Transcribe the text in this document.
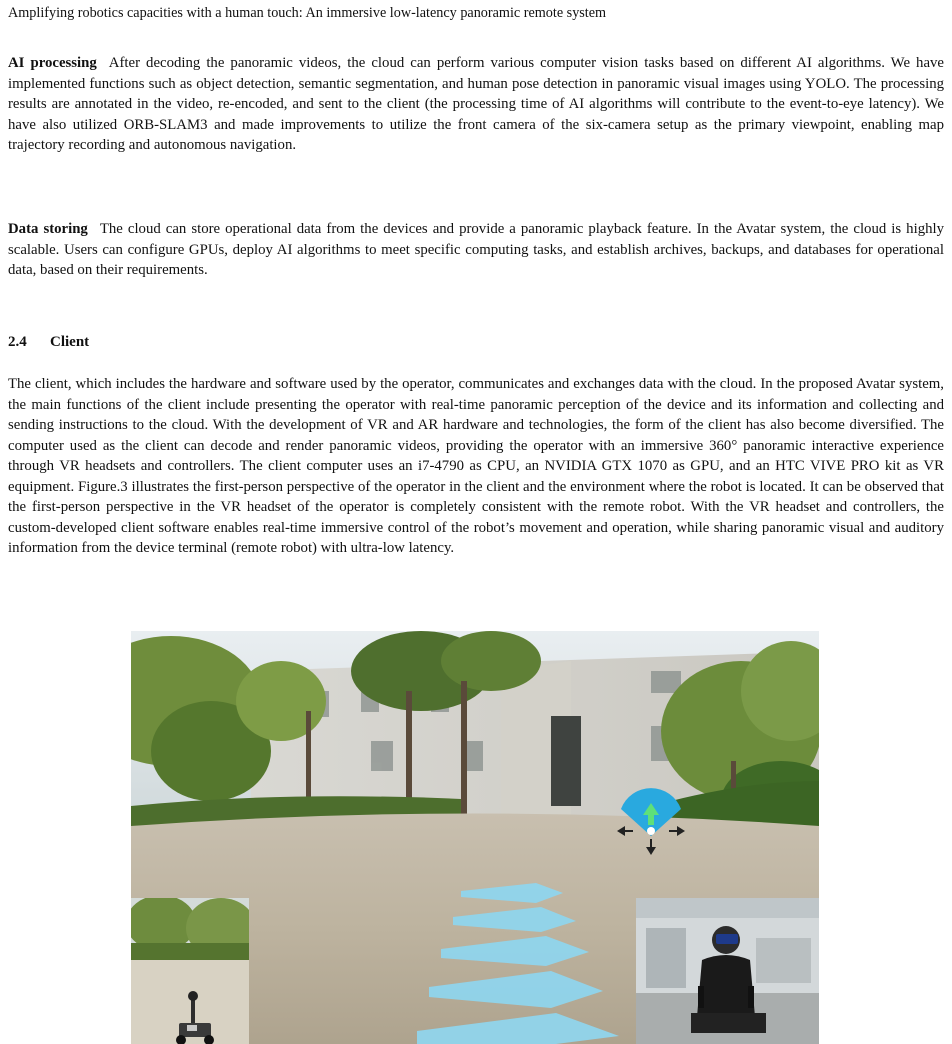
Amplifying robotics capacities with a human touch: An immersive low-latency panoramic remote system

AI processing After decoding the panoramic videos, the cloud can perform various computer vision tasks based on different AI algorithms. We have implemented functions such as object detection, semantic segmentation, and human pose detection in panoramic visual images using YOLO. The processing results are annotated in the video, re-encoded, and sent to the client (the processing time of AI algorithms will contribute to the event-to-eye latency). We have also utilized ORB-SLAM3 and made improvements to utilize the front camera of the six-camera setup as the primary viewpoint, enabling map trajectory recording and autonomous navigation.

Data storing The cloud can store operational data from the devices and provide a panoramic playback feature. In the Avatar system, the cloud is highly scalable. Users can configure GPUs, deploy AI algorithms to meet specific computing tasks, and establish archives, backups, and databases for operational data, based on their requirements.

2.4 Client

The client, which includes the hardware and software used by the operator, communicates and exchanges data with the cloud. In the proposed Avatar system, the main functions of the client include presenting the operator with real-time panoramic perception of the device and its information and collecting and sending instructions to the cloud. With the development of VR and AR hardware and technologies, the form of the client has also become diversified. The computer used as the client can decode and render panoramic videos, providing the operator with an immersive 360° panoramic interactive experience through VR headsets and controllers. The client computer uses an i7-4790 as CPU, an NVIDIA GTX 1070 as GPU, and an HTC VIVE PRO kit as VR equipment. Figure.3 illustrates the first-person perspective of the operator in the client and the environment where the robot is located. It can be observed that the first-person perspective in the VR headset of the operator is completely consistent with the remote robot. With the VR headset and controllers, the custom-developed client software enables real-time immersive control of the robot’s movement and operation, while sharing panoramic visual and auditory information from the device terminal (remote robot) with ultra-low latency.
